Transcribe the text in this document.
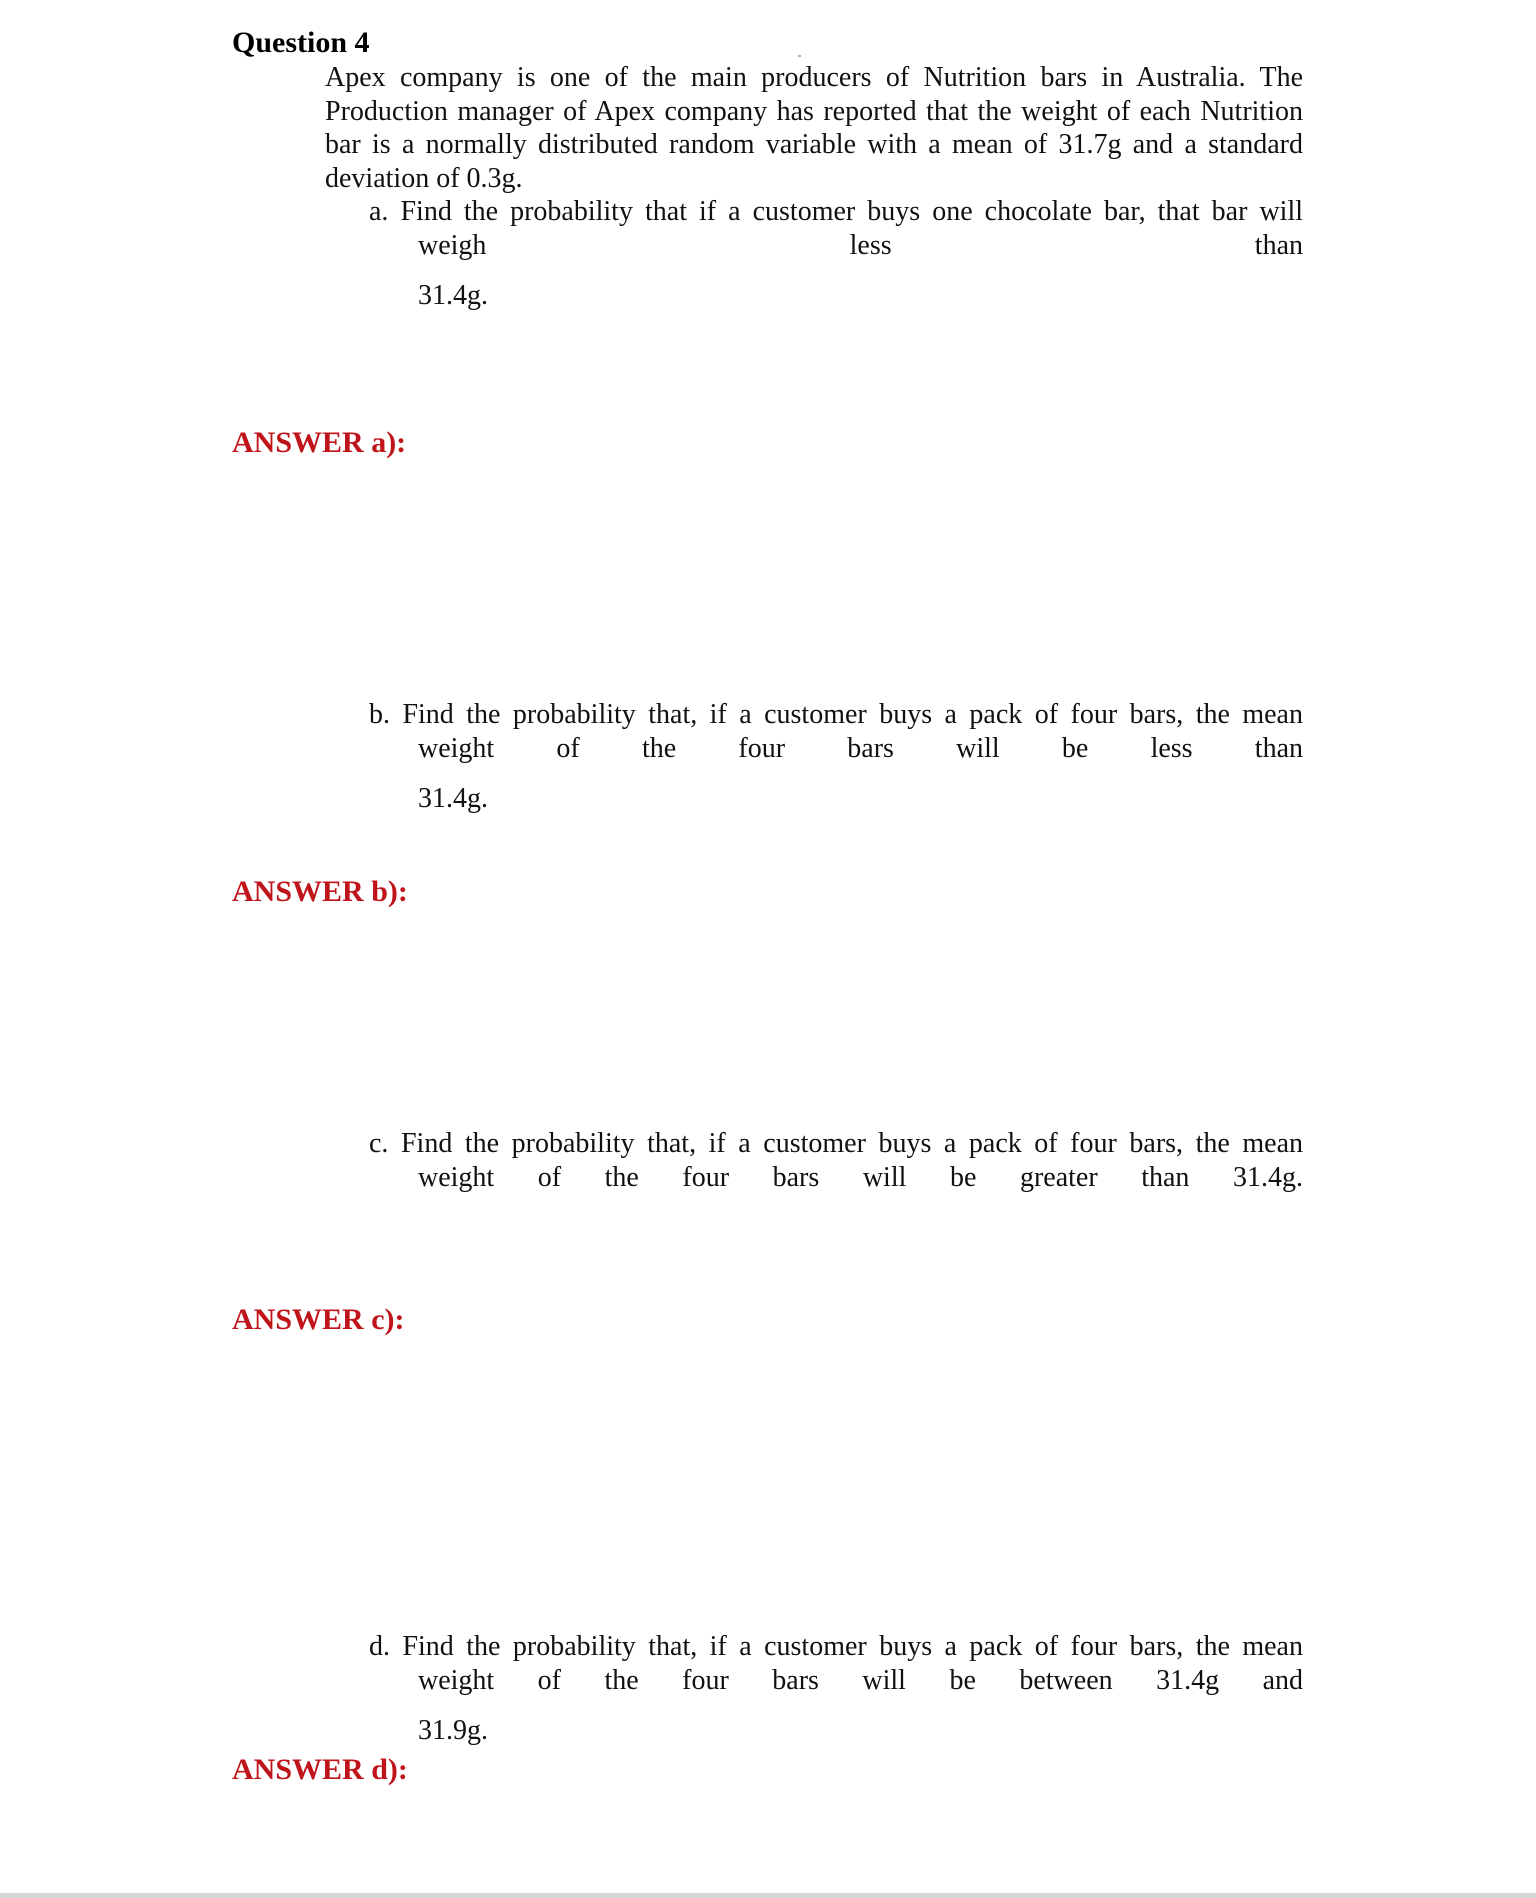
Question 4
Apex company is one of the main producers of Nutrition bars in Australia. The Production manager of Apex company has reported that the weight of each Nutrition bar is a normally distributed random variable with a mean of 31.7g and a standard deviation of 0.3g.
a. Find the probability that if a customer buys one chocolate bar, that bar will
weigh less than
31.4g.
ANSWER a):
b. Find the probability that, if a customer buys a pack of four bars, the mean
weight of the four bars will be less than
31.4g.
ANSWER b):
c. Find the probability that, if a customer buys a pack of four bars, the mean
weight of the four bars will be greater than 31.4g.
ANSWER c):
d. Find the probability that, if a customer buys a pack of four bars, the mean
weight of the four bars will be between 31.4g and
31.9g.
ANSWER d):
